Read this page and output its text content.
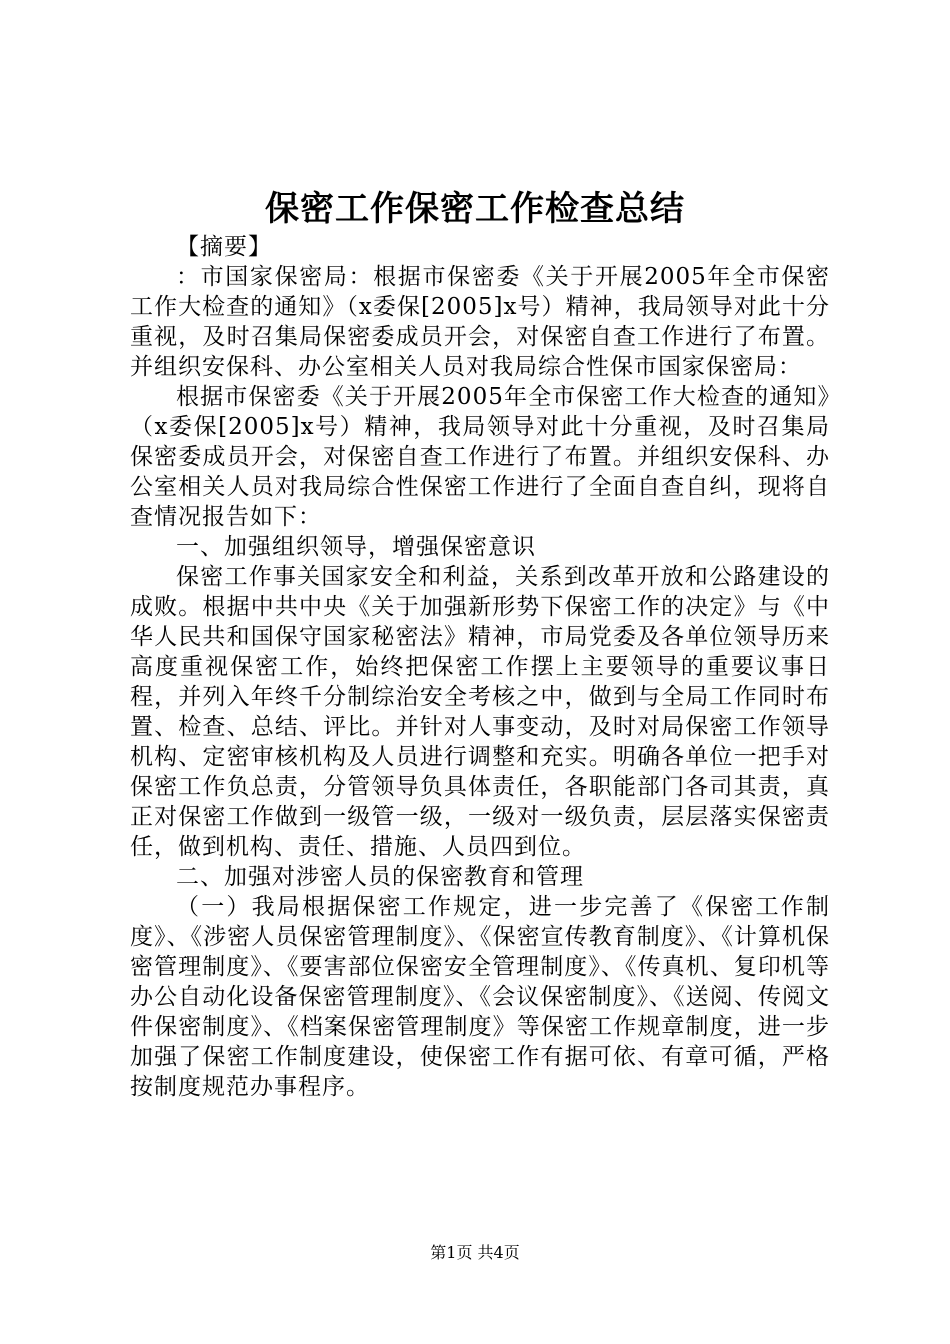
保密工作保密工作检查总结

【摘要】

：市国家保密局：根据市保密委《关于开展2005年全市保密工作大检查的通知》（x委保[2005]x号）精神，我局领导对此十分重视，及时召集局保密委成员开会，对保密自查工作进行了布置。并组织安保科、办公室相关人员对我局综合性保市国家保密局：

根据市保密委《关于开展2005年全市保密工作大检查的通知》（x委保[2005]x号）精神，我局领导对此十分重视，及时召集局保密委成员开会，对保密自查工作进行了布置。并组织安保科、办公室相关人员对我局综合性保密工作进行了全面自查自纠，现将自查情况报告如下：

一、加强组织领导，增强保密意识

保密工作事关国家安全和利益，关系到改革开放和公路建设的成败。根据中共中央《关于加强新形势下保密工作的决定》与《中华人民共和国保守国家秘密法》精神，市局党委及各单位领导历来高度重视保密工作，始终把保密工作摆上主要领导的重要议事日程，并列入年终千分制综治安全考核之中，做到与全局工作同时布置、检查、总结、评比。并针对人事变动，及时对局保密工作领导机构、定密审核机构及人员进行调整和充实。明确各单位一把手对保密工作负总责，分管领导负具体责任，各职能部门各司其责，真正对保密工作做到一级管一级，一级对一级负责，层层落实保密责任，做到机构、责任、措施、人员四到位。

二、加强对涉密人员的保密教育和管理

（一）我局根据保密工作规定，进一步完善了《保密工作制度》、《涉密人员保密管理制度》、《保密宣传教育制度》、《计算机保密管理制度》、《要害部位保密安全管理制度》、《传真机、复印机等办公自动化设备保密管理制度》、《会议保密制度》、《送阅、传阅文件保密制度》、《档案保密管理制度》等保密工作规章制度，进一步加强了保密工作制度建设，使保密工作有据可依、有章可循，严格按制度规范办事程序。

第1页 共4页
